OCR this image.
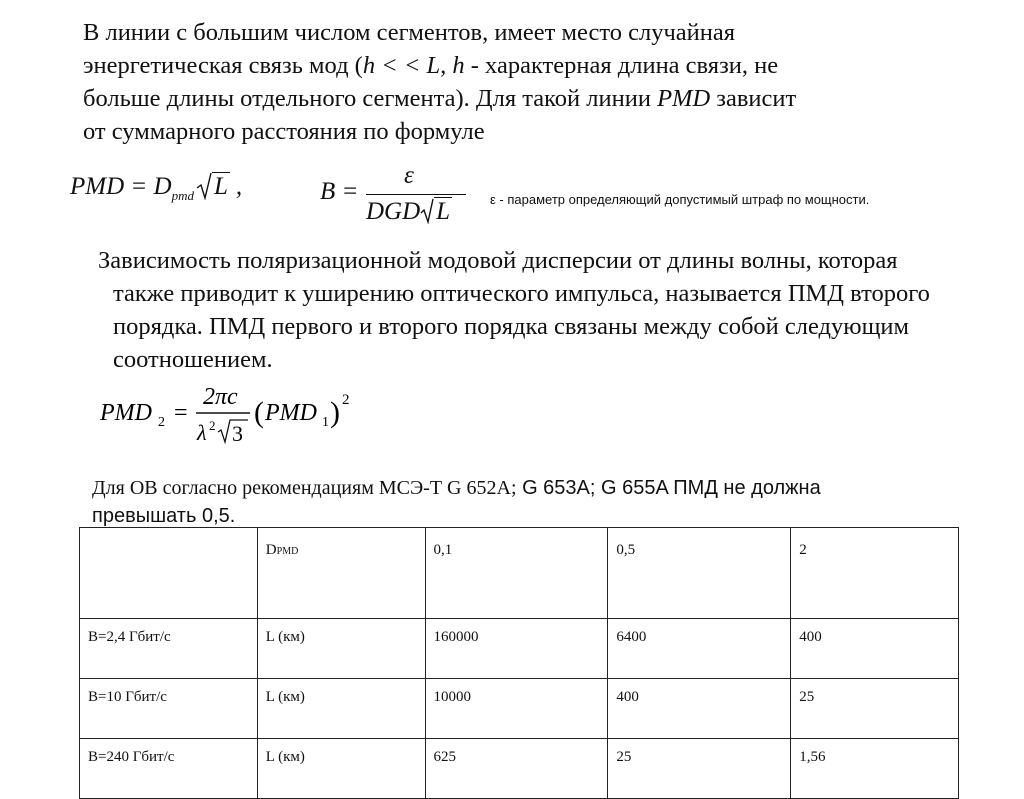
В линии с большим числом сегментов, имеет место случайная
энергетическая связь мод (h < < L, h - характерная длина связи, не
больше длины отдельного сегмента). Для такой линии PMD зависит
от суммарного расстояния по формуле
PMD = $D_{pmd}$ L ,	B =
ε
DGD L	ε - параметр определяющий допустимый штраф по мощности.
Зависимость поляризационной модовой дисперсии от длины волны, которая
также приводит к уширению оптического импульса, называется ПМД второго
порядка. ПМД первого и второго порядка связаны между собой следующим
соотношением.
PMD 2 =
2πc
λ 2 3
( PMD 1 ) 2
Для ОВ согласно рекомендациям МСЭ-Т G 652A; G 653A; G 655A ПМД не должна
превышать 0,5.
	DPMD	0,1	0,5	2
B=2,4 Гбит/с	L (км)	160000	6400	400
B=10 Гбит/с	L (км)	10000	400	25
B=240 Гбит/с	L (км)	625	25	1,56
